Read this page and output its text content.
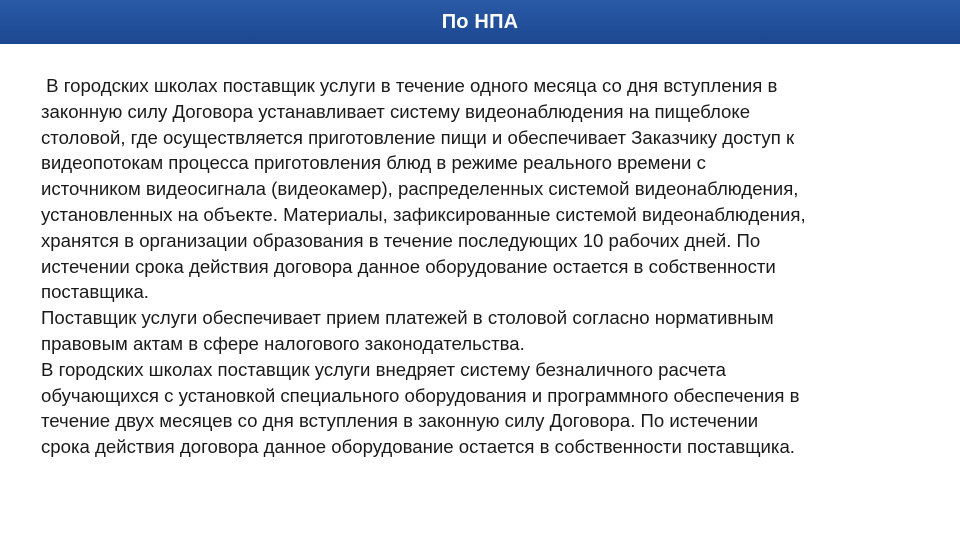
По НПА
В городских школах поставщик услуги в течение одного месяца со дня вступления в
законную силу Договора устанавливает систему видеонаблюдения на пищеблоке
столовой, где осуществляется приготовление пищи и обеспечивает Заказчику доступ к
видеопотокам процесса приготовления блюд в режиме реального времени с
источником видеосигнала (видеокамер), распределенных системой видеонаблюдения,
установленных на объекте. Материалы, зафиксированные системой видеонаблюдения,
хранятся в организации образования в течение последующих 10 рабочих дней. По
истечении срока действия договора данное оборудование остается в собственности
поставщика.
Поставщик услуги обеспечивает прием платежей в столовой согласно нормативным
правовым актам в сфере налогового законодательства.
В городских школах поставщик услуги внедряет систему безналичного расчета
обучающихся с установкой специального оборудования и программного обеспечения в
течение двух месяцев со дня вступления в законную силу Договора. По истечении
срока действия договора данное оборудование остается в собственности поставщика.
